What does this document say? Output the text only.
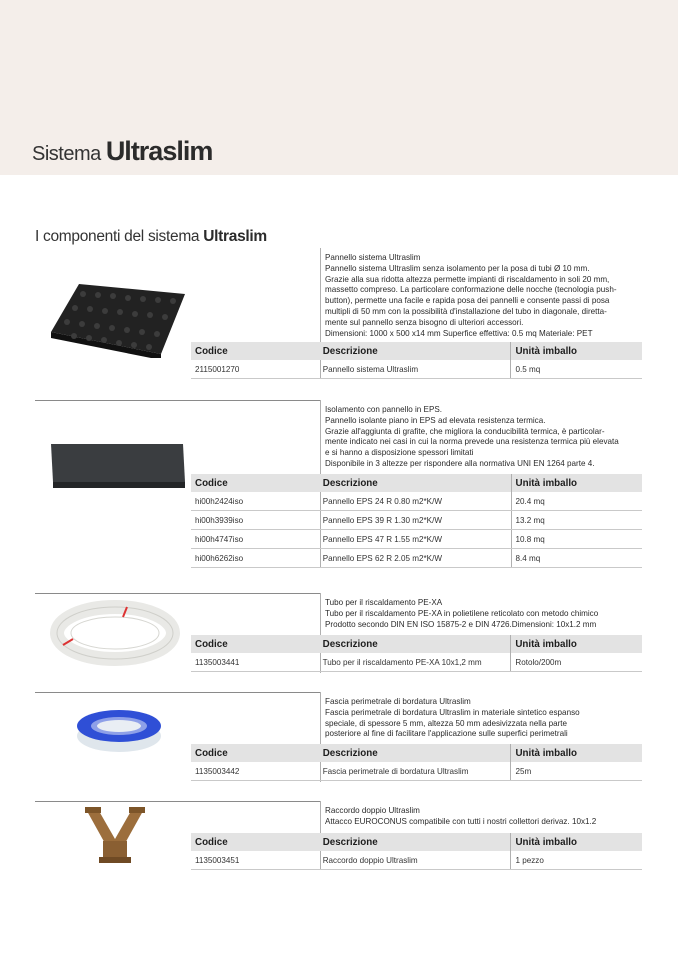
Sistema Ultraslim
I componenti del sistema Ultraslim
Pannello sistema Ultraslim
Pannello sistema Ultraslim senza isolamento per la posa di tubi Ø 10 mm.
Grazie alla sua ridotta altezza permette impianti di riscaldamento in soli 20 mm,
massetto compreso. La particolare conformazione delle nocche (tecnologia push-
button), permette una facile e rapida posa dei pannelli e consente passi di posa
multipli di 50 mm con la possibilità d'installazione del tubo in diagonale, diretta-
mente sul pannello senza bisogno di ulteriori accessori.
Dimensioni: 1000 x 500 x14 mm Superfice effettiva: 0.5 mq Materiale: PET
Codice	Descrizione	Unità imballo
2115001270	Pannello sistema Ultraslim	0.5 mq
Isolamento con pannello in EPS.
Pannello isolante piano in EPS ad elevata resistenza termica.
Grazie all'aggiunta di grafite, che migliora la conducibilità termica, è particolar-
mente indicato nei casi in cui la norma prevede una resistenza termica più elevata
e si hanno a disposizione spessori limitati
Disponibile in 3 altezze per rispondere alla normativa UNI EN 1264 parte 4.
Codice	Descrizione	Unità imballo
hi00h2424iso	Pannello EPS 24 R 0.80 m2*K/W	20.4 mq
hi00h3939iso	Pannello EPS 39 R 1.30 m2*K/W	13.2 mq
hi00h4747iso	Pannello EPS 47 R 1.55 m2*K/W	10.8 mq
hi00h6262iso	Pannello EPS 62 R 2.05 m2*K/W	8.4 mq
Tubo per il riscaldamento PE-XA
Tubo per il riscaldamento PE-XA in polietilene reticolato con metodo chimico
Prodotto secondo DIN EN ISO 15875-2 e DIN 4726.Dimensioni: 10x1.2 mm
Codice	Descrizione	Unità imballo
1135003441	Tubo per il riscaldamento PE-XA 10x1,2 mm	Rotolo/200m
Fascia perimetrale di bordatura Ultraslim
Fascia perimetrale di bordatura Ultraslim in materiale sintetico espanso
speciale, di spessore 5 mm, altezza 50 mm adesivizzata nella parte
posteriore al fine di facilitare l'applicazione sulle superfici perimetrali
Codice	Descrizione	Unità imballo
1135003442	Fascia perimetrale di bordatura Ultraslim	25m
Raccordo doppio Ultraslim
Attacco EUROCONUS compatibile con tutti i nostri collettori derivaz. 10x1.2
Codice	Descrizione	Unità imballo
1135003451	Raccordo doppio Ultraslim	1 pezzo
